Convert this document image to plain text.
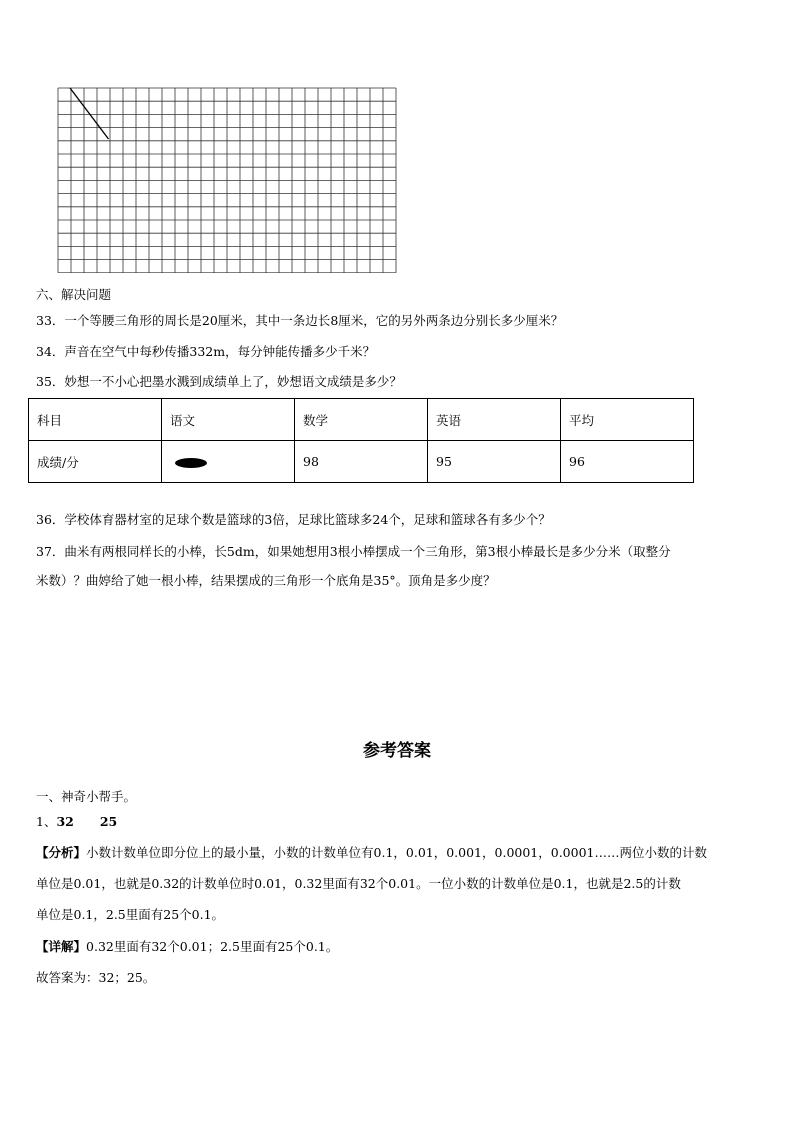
六、解决问题
33．一个等腰三角形的周长是20厘米，其中一条边长8厘米，它的另外两条边分别长多少厘米？
34．声音在空气中每秒传播332m，每分钟能传播多少千米？
35．妙想一不小心把墨水溅到成绩单上了，妙想语文成绩是多少？
科目	语文	数学	英语	平均
成绩/分		98	95	96
36．学校体育器材室的足球个数是篮球的3倍，足球比篮球多24个，足球和篮球各有多少个？
37．曲米有两根同样长的小棒，长5dm，如果她想用3根小棒摆成一个三角形，第3根小棒最长是多少分米（取整分
米数）？曲婷给了她一根小棒，结果摆成的三角形一个底角是35°。顶角是多少度？
参考答案
一、神奇小帮手。
1、32 25
【分析】小数计数单位即分位上的最小量，小数的计数单位有0.1，0.01，0.001，0.0001，0.0001……两位小数的计数
单位是0.01，也就是0.32的计数单位时0.01，0.32里面有32个0.01。一位小数的计数单位是0.1，也就是2.5的计数
单位是0.1，2.5里面有25个0.1。
【详解】0.32里面有32个0.01；2.5里面有25个0.1。
故答案为：32；25。
